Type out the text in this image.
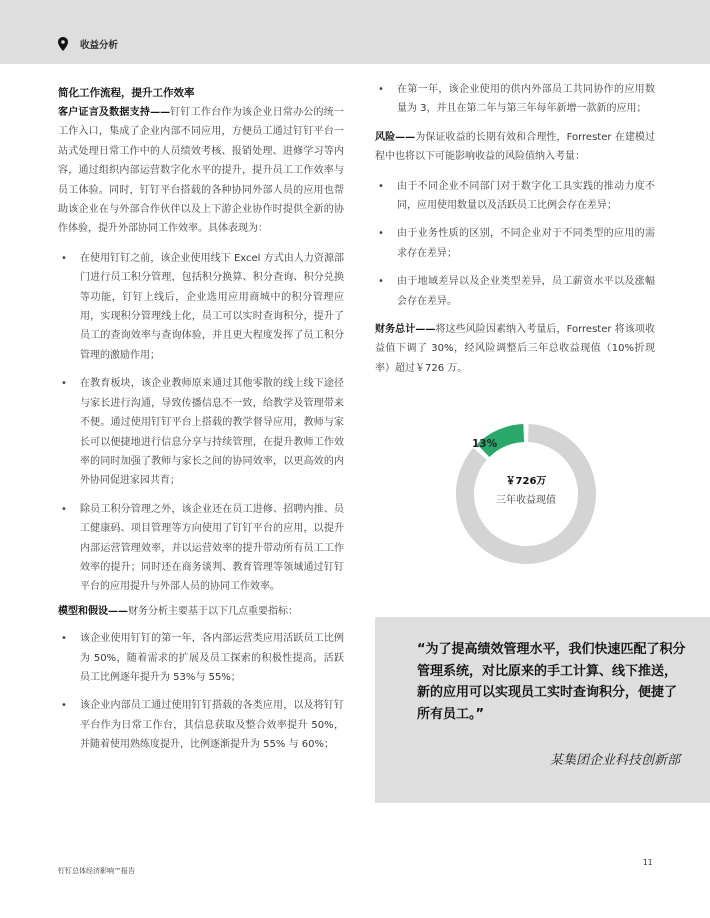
收益分析
简化工作流程，提升工作效率

客户证言及数据支持——钉钉工作台作为该企业日常办公的统一工作入口，集成了企业内部不同应用，方便员工通过钉钉平台一站式处理日常工作中的人员绩效考核、报销处理、进修学习等内容，通过组织内部运营数字化水平的提升，提升员工工作效率与员工体验。同时，钉钉平台搭载的各种协同外部人员的应用也帮助该企业在与外部合作伙伴以及上下游企业协作时提供全新的协作体验，提升外部协同工作效率。具体表现为：

• 在使用钉钉之前，该企业使用线下 Excel 方式由人力资源部门进行员工积分管理，包括积分换算、积分查询、积分兑换等功能，钉钉上线后，企业选用应用商城中的积分管理应用，实现积分管理线上化，员工可以实时查询积分，提升了员工的查询效率与查询体验，并且更大程度发挥了员工积分管理的激励作用；
• 在教育板块，该企业教师原来通过其他零散的线上线下途径与家长进行沟通，导致传播信息不一致，给教学及管理带来不便。通过使用钉钉平台上搭载的教学督导应用，教师与家长可以便捷地进行信息分享与持续管理，在提升教师工作效率的同时加强了教师与家长之间的协同效率，以更高效的内外协同促进家园共育；
• 除员工积分管理之外，该企业还在员工进修、招聘内推、员工健康码、项目管理等方向使用了钉钉平台的应用，以提升内部运营管理效率，并以运营效率的提升带动所有员工工作效率的提升；同时还在商务谈判、教育管理等领域通过钉钉平台的应用提升与外部人员的协同工作效率。

模型和假设——财务分析主要基于以下几点重要指标：

• 该企业使用钉钉的第一年，各内部运营类应用活跃员工比例为 50%，随着需求的扩展及员工探索的积极性提高，活跃员工比例逐年提升为 53%与 55%；
• 该企业内部员工通过使用钉钉搭载的各类应用，以及将钉钉平台作为日常工作台，其信息获取及整合效率提升 50%，并随着使用熟练度提升，比例逐渐提升为 55% 与 60%；
• 在第一年，该企业使用的供内外部员工共同协作的应用数量为 3，并且在第二年与第三年每年新增一款新的应用；

风险——为保证收益的长期有效和合理性，Forrester 在建模过程中也将以下可能影响收益的风险值纳入考量：

• 由于不同企业不同部门对于数字化工具实践的推动力度不同，应用使用数量以及活跃员工比例会存在差异；
• 由于业务性质的区别，不同企业对于不同类型的应用的需求存在差异；
• 由于地域差异以及企业类型差异，员工薪资水平以及涨幅会存在差异。

财务总计——将这些风险因素纳入考量后，Forrester 将该项收益值下调了 30%，经风险调整后三年总收益现值（10%折现率）超过￥726 万。

13%
￥726万
三年收益现值
“为了提高绩效管理水平，我们快速匹配了积分管理系统，对比原来的手工计算、线下推送，新的应用可以实现员工实时查询积分，便捷了所有员工。”
某集团企业科技创新部
钉钉总体经济影响™报告
11
